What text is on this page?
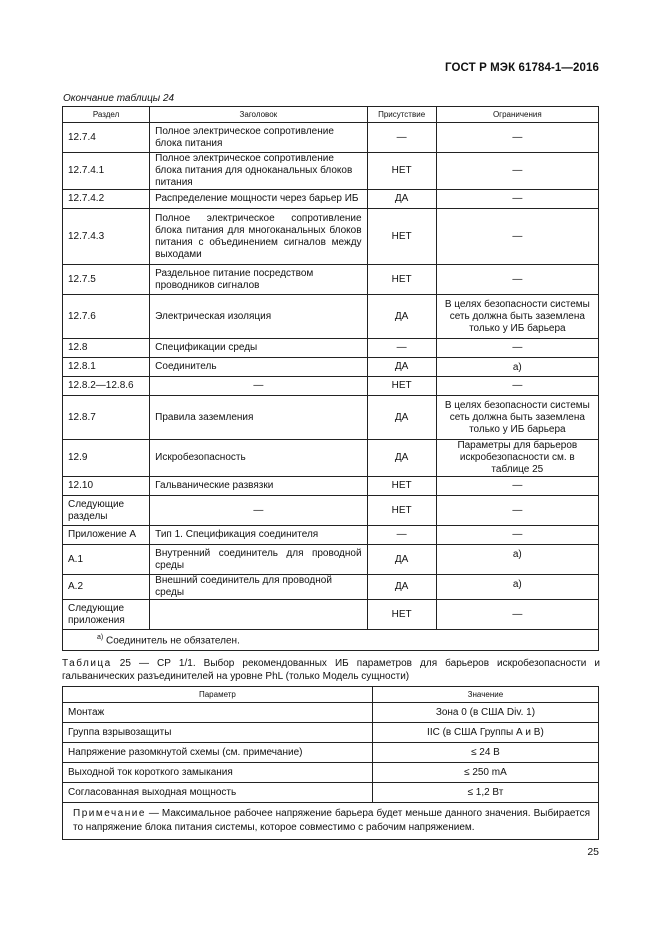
ГОСТ Р МЭК 61784-1—2016
Окончание таблицы 24
Раздел	Заголовок	Присутствие	Ограничения
12.7.4	Полное электрическое сопротивление блока питания	—	—
12.7.4.1	Полное электрическое сопротивление блока питания для одноканальных блоков питания	НЕТ	—
12.7.4.2	Распределение мощности через барьер ИБ	ДА	—
12.7.4.3	Полное электрическое сопротивление блока питания для многоканальных блоков питания с объединением сигналов между выходами	НЕТ	—
12.7.5	Раздельное питание посредством проводников сигналов	НЕТ	—
12.7.6	Электрическая изоляция	ДА	В целях безопасности системы сеть должна быть заземлена только у ИБ барьера
12.8	Спецификации среды	—	—
12.8.1	Соединитель	ДА	а)
12.8.2—12.8.6	—	НЕТ	—
12.8.7	Правила заземления	ДА	В целях безопасности системы сеть должна быть заземлена только у ИБ барьера
12.9	Искробезопасность	ДА	Параметры для барьеров искробезопасности см. в таблице 25
12.10	Гальванические развязки	НЕТ	—
Следующие разделы	—	НЕТ	—
Приложение А	Тип 1. Спецификация соединителя	—	—
А.1	Внутренний соединитель для проводной среды	ДА	а)
А.2	Внешний соединитель для проводной среды	ДА	а)
Следующие приложения		НЕТ	—
$^{а)}$ Соединитель не обязателен.			
Таблица 25 — СР 1/1. Выбор рекомендованных ИБ параметров для барьеров искробезопасности и гальванических разъединителей на уровне PhL (только Модель сущности)
Параметр	Значение
Монтаж	Зона 0 (в США Div. 1)
Группа взрывозащиты	IIC (в США Группы А и В)
Напряжение разомкнутой схемы (см. примечание)	≤ 24 В
Выходной ток короткого замыкания	≤ 250 mA
Согласованная выходная мощность	≤ 1,2 Вт
Примечание — Максимальное рабочее напряжение барьера будет меньше данного значения. Выбирается то напряжение блока питания системы, которое совместимо с рабочим напряжением.	
25
